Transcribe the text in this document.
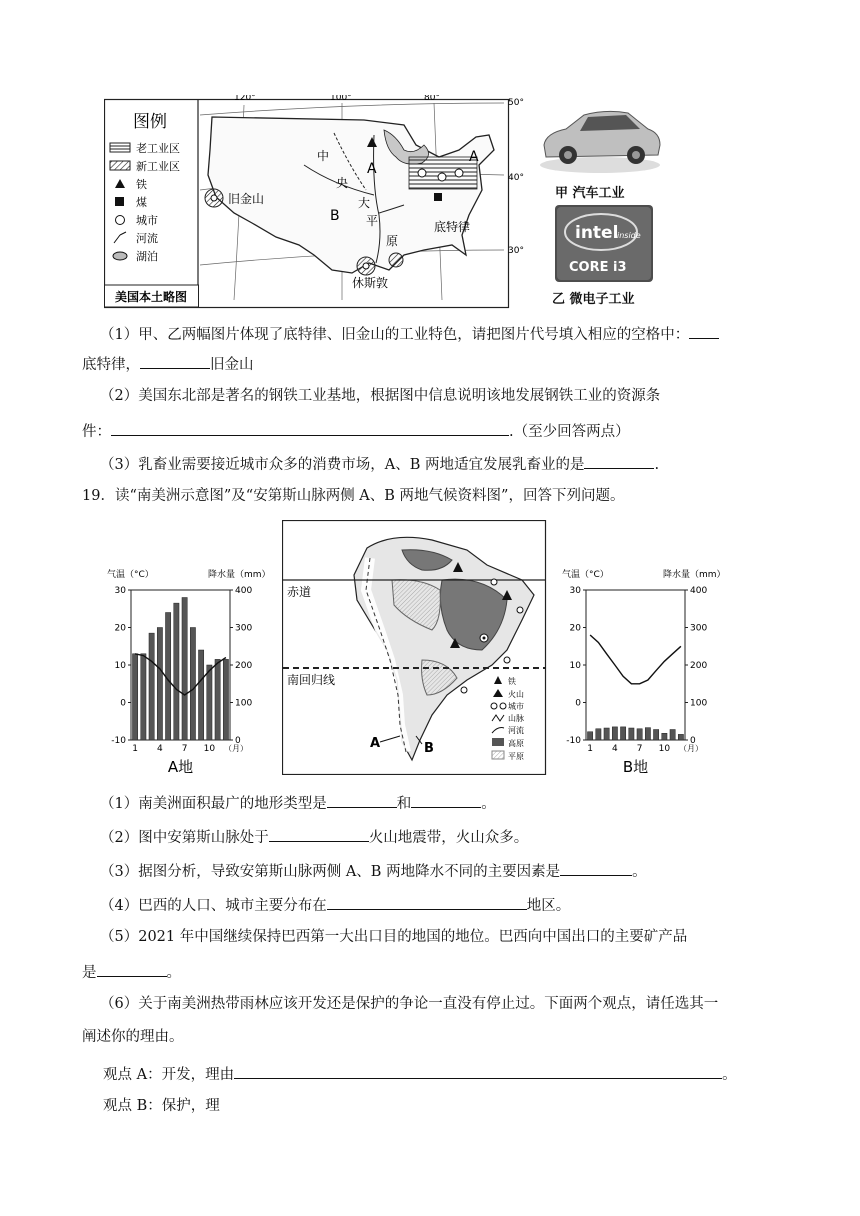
图例
老工业区
新工业区
铁
煤
城市
河流
湖泊
美国本土略图
120°	100°	80°	50°
40°
30°
旧金山
底特律
休斯敦
A
B
A
中
央
大
平
原
甲 汽车工业
intel
inside
CORE i3
乙 微电子工业
（1）甲、乙两幅图片体现了底特律、旧金山的工业特色，请把图片代号填入相应的空格中：
底特律，	旧金山
（2）美国东北部是著名的钢铁工业基地，根据图中信息说明该地发展钢铁工业的资源条
件：	.（至少回答两点）
（3）乳畜业需要接近城市众多的消费市场，A、B 两地适宜发展乳畜业的是	.
19．读“南美洲示意图”及“安第斯山脉两侧 A、B 两地气候资料图”，回答下列问题。
气温（°C）	降水量（mm）
30
20
10
0
-10
400
300
200
100
0
1 4 7 10 （月）
A地
赤道
南回归线
A	B
铁
火山
城市
山脉
河流
高原
平原
气温（°C）	降水量（mm）
30
20
10
0
-10
400
300
200
100
0
1 4 7 10 （月）
B地
（1）南美洲面积最广的地形类型是	和	。
（2）图中安第斯山脉处于	火山地震带，火山众多。
（3）据图分析，导致安第斯山脉两侧 A、B 两地降水不同的主要因素是	。
（4）巴西的人口、城市主要分布在	地区。
（5）2021 年中国继续保持巴西第一大出口目的地国的地位。巴西向中国出口的主要矿产品
是	。
（6）关于南美洲热带雨林应该开发还是保护的争论一直没有停止过。下面两个观点，请任选其一
阐述你的理由。
观点 A：开发，理由	。
观点 B：保护，理
